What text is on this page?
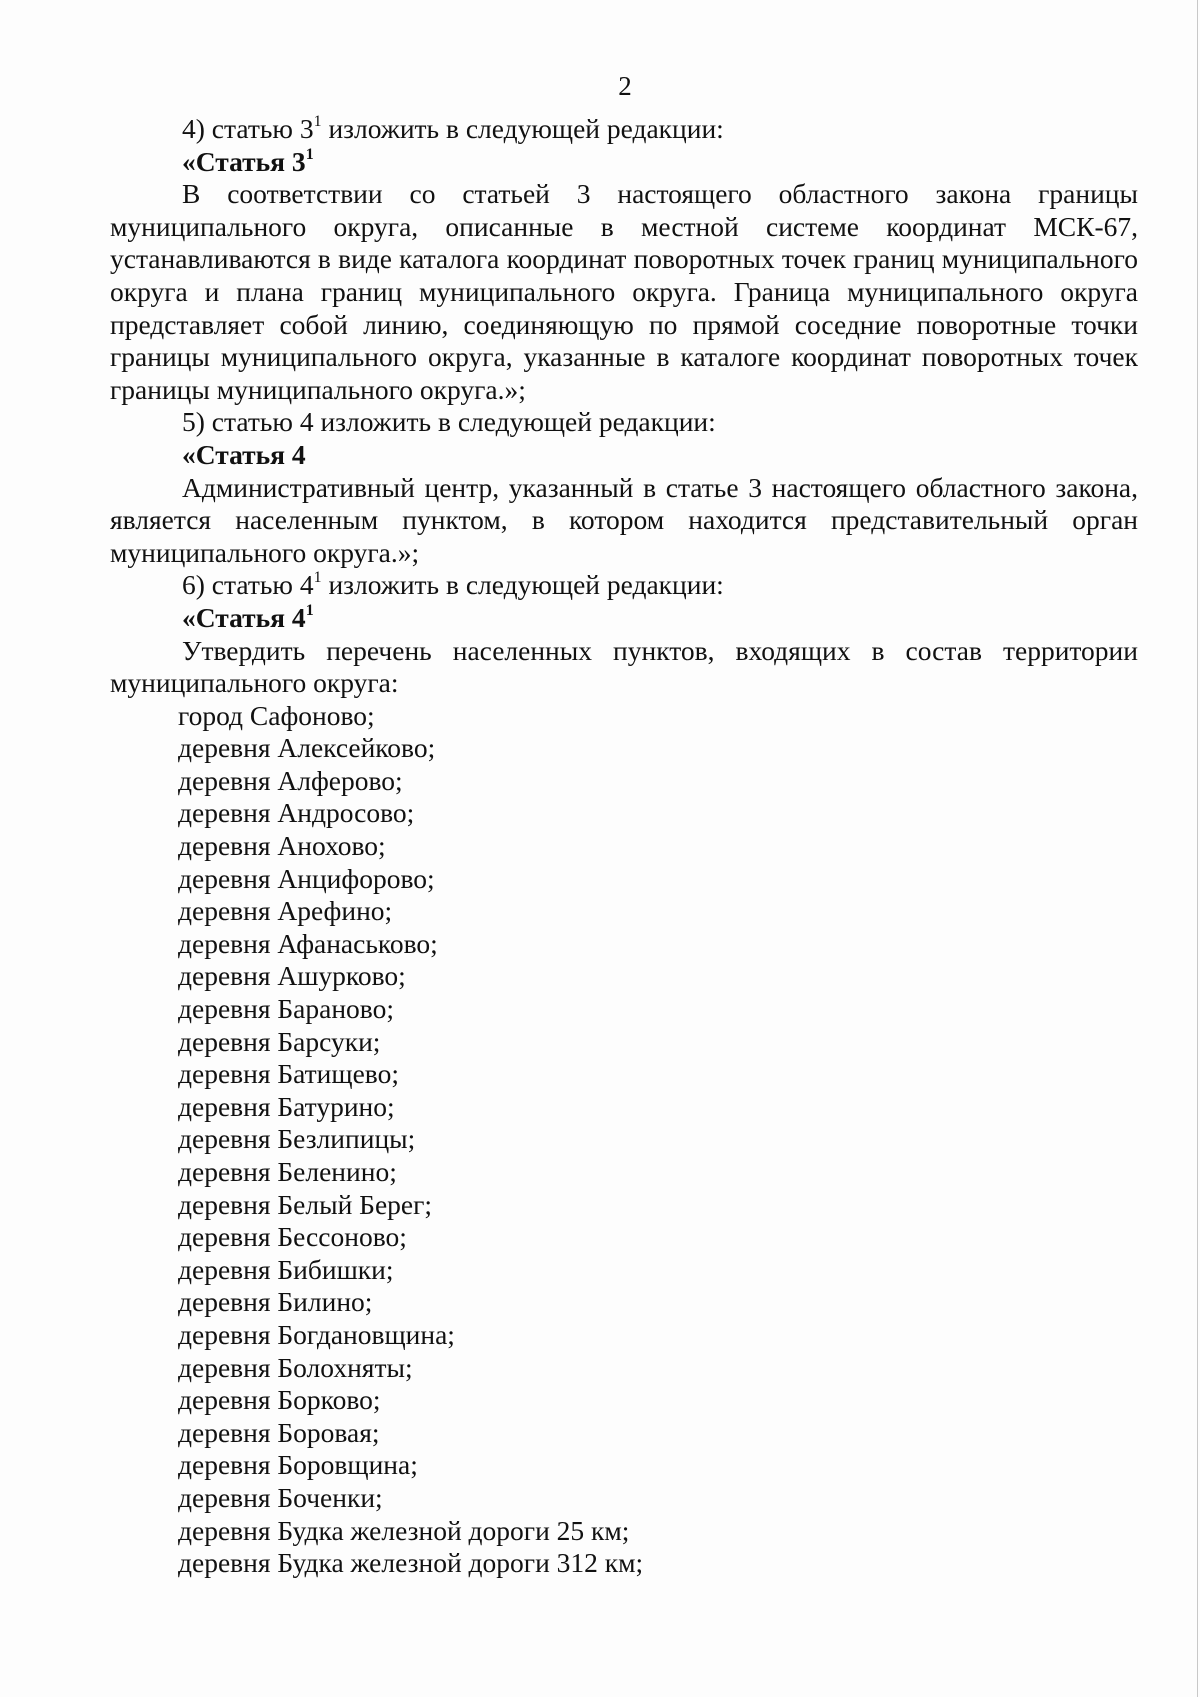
2
4) статью $3^1$ изложить в следующей редакции:
«Статья $3^1$

В соответствии со статьей 3 настоящего областного закона границы муниципального округа, описанные в местной системе координат МСК-67, устанавливаются в виде каталога координат поворотных точек границ муниципального округа и плана границ муниципального округа. Граница муниципального округа представляет собой линию, соединяющую по прямой соседние поворотные точки границы муниципального округа, указанные в каталоге координат поворотных точек границы муниципального округа.»;

5) статью 4 изложить в следующей редакции:
«Статья 4

Административный центр, указанный в статье 3 настоящего областного закона, является населенным пунктом, в котором находится представительный орган муниципального округа.»;

6) статью $4^1$ изложить в следующей редакции:
«Статья $4^1$

Утвердить перечень населенных пунктов, входящих в состав территории муниципального округа:

город Сафоново;
деревня Алексейково;
деревня Алферово;
деревня Андросово;
деревня Анохово;
деревня Анцифорово;
деревня Арефино;
деревня Афанаськово;
деревня Ашурково;
деревня Бараново;
деревня Барсуки;
деревня Батищево;
деревня Батурино;
деревня Безлипицы;
деревня Беленино;
деревня Белый Берег;
деревня Бессоново;
деревня Бибишки;
деревня Билино;
деревня Богдановщина;
деревня Болохняты;
деревня Борково;
деревня Боровая;
деревня Боровщина;
деревня Боченки;
деревня Будка железной дороги 25 км;
деревня Будка железной дороги 312 км;
